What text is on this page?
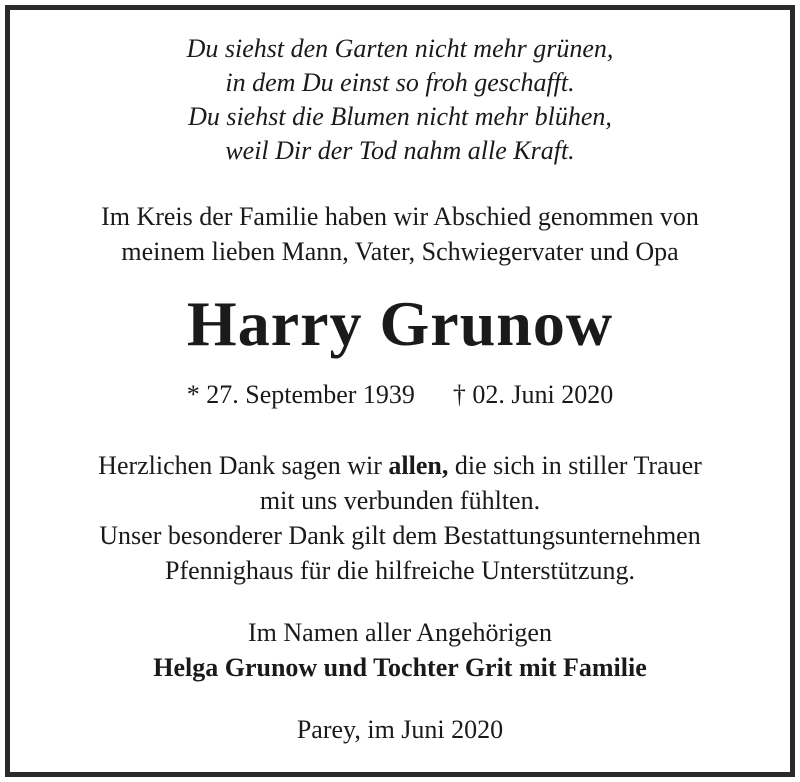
Du siehst den Garten nicht mehr grünen,
in dem Du einst so froh geschafft.
Du siehst die Blumen nicht mehr blühen,
weil Dir der Tod nahm alle Kraft.
Im Kreis der Familie haben wir Abschied genommen von
meinem lieben Mann, Vater, Schwiegervater und Opa
Harry Grunow
* 27. September 1939 † 02. Juni 2020
Herzlichen Dank sagen wir allen, die sich in stiller Trauer
mit uns verbunden fühlten.
Unser besonderer Dank gilt dem Bestattungsunternehmen
Pfennighaus für die hilfreiche Unterstützung.
Im Namen aller Angehörigen
Helga Grunow und Tochter Grit mit Familie
Parey, im Juni 2020
